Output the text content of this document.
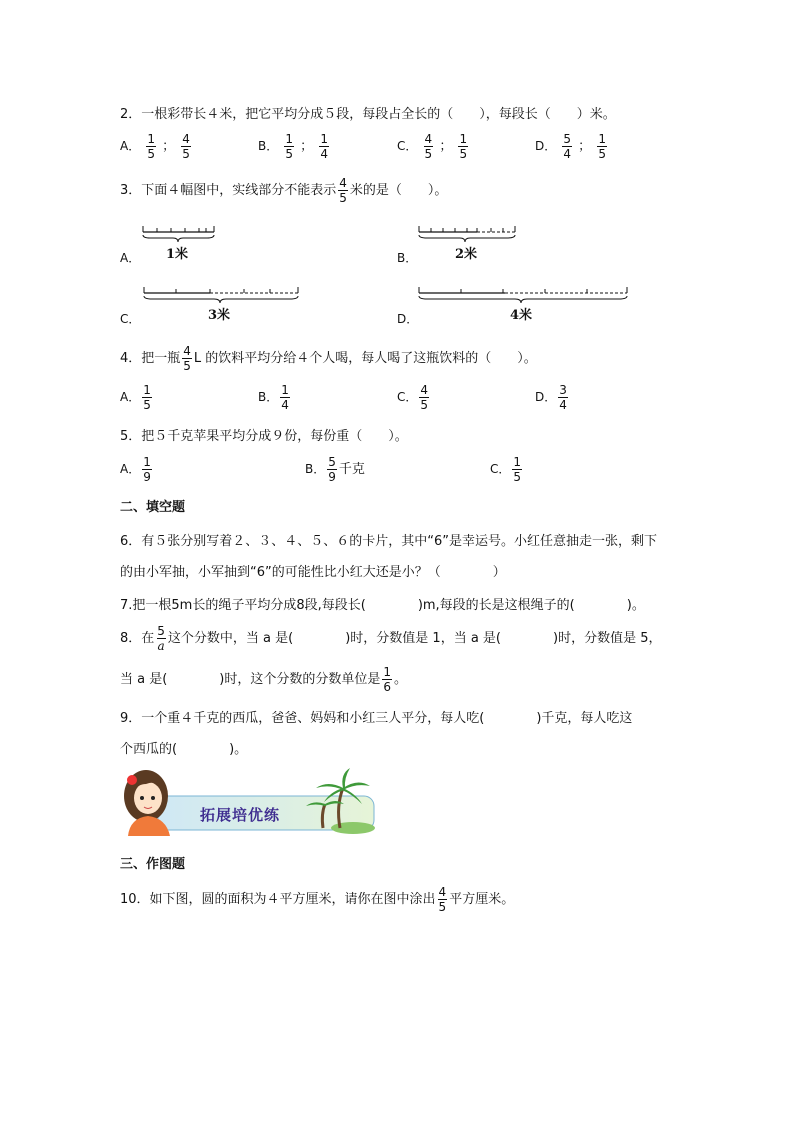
2．一根彩带长４米，把它平均分成５段，每段占全长的（　　），每段长（　　）米。
A． $\frac{1}{5}$ ； $\frac{4}{5}$	B． $\frac{1}{5}$ ； $\frac{1}{4}$	C． $\frac{4}{5}$ ； $\frac{1}{5}$	D． $\frac{5}{4}$ ； $\frac{1}{5}$
3．下面４幅图中，实线部分不能表示 $\frac{4}{5}$ 米的是（　　）。
A． 1米	B．	2米
C．	3米	D．	4米
4．把一瓶 $\frac{4}{5}$ L 的饮料平均分给４个人喝，每人喝了这瓶饮料的（　　）。
A． $\frac{1}{5}$	B． $\frac{1}{4}$	C． $\frac{4}{5}$	D． $\frac{3}{4}$
5．把５千克苹果平均分成９份，每份重（　　）。
A． $\frac{1}{9}$	B． $\frac{5}{9}$ 千克	C． $\frac{1}{5}$
二、填空题
6．有５张分别写着２、３、４、５、６的卡片，其中“6”是幸运号。小红任意抽走一张，剩下
的由小军抽，小军抽到“6”的可能性比小红大还是小？（　　　　）
7.把一根5m长的绳子平均分成8段,每段长(　　　　)m,每段的长是这根绳子的(　　　　)。
8．在 $\frac{5}{a}$ 这个分数中，当 a 是(　　　　)时，分数值是 1，当 a 是(　　　　)时，分数值是 5，
当 a 是(　　　　)时，这个分数的分数单位是 $\frac{1}{6}$ 。
9．一个重４千克的西瓜，爸爸、妈妈和小红三人平分，每人吃(　　　　)千克，每人吃这
个西瓜的(　　　　)。
拓展培优练
三、作图题
10．如下图，圆的面积为４平方厘米，请你在图中涂出 $\frac{4}{5}$ 平方厘米。
